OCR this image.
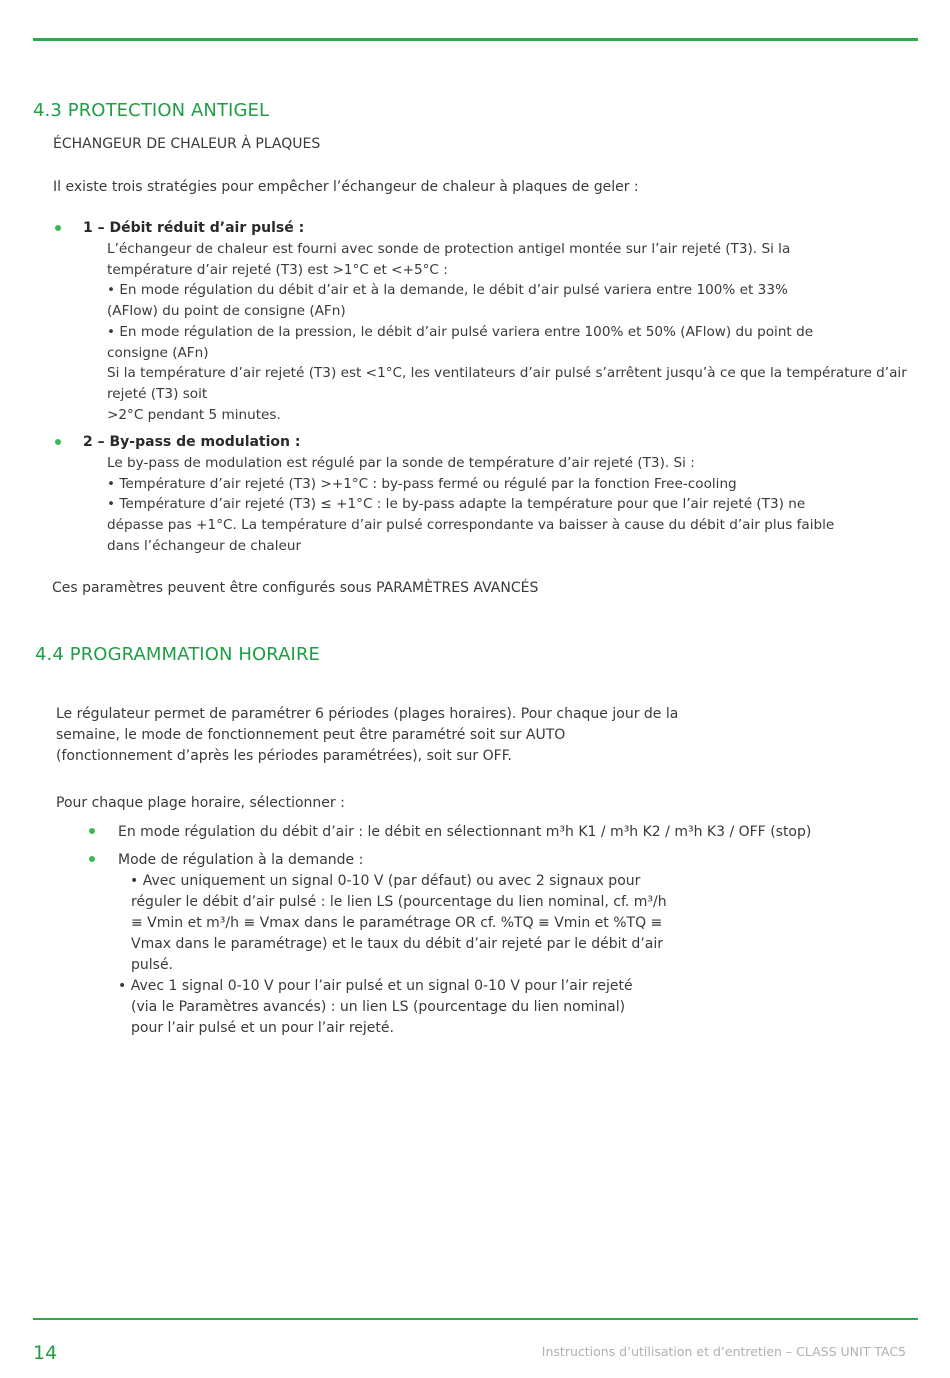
4.3 PROTECTION ANTIGEL
ÉCHANGEUR DE CHALEUR À PLAQUES
Il existe trois stratégies pour empêcher l’échangeur de chaleur à plaques de geler :
1 – Débit réduit d’air pulsé :
L’échangeur de chaleur est fourni avec sonde de protection antigel montée sur l’air rejeté (T3). Si la
température d’air rejeté (T3) est >1°C et <+5°C :
• En mode régulation du débit d’air et à la demande, le débit d’air pulsé variera entre 100% et 33%
(AFlow) du point de consigne (AFn)
• En mode régulation de la pression, le débit d’air pulsé variera entre 100% et 50% (AFlow) du point de
consigne (AFn)
Si la température d’air rejeté (T3) est <1°C, les ventilateurs d’air pulsé s’arrêtent jusqu’à ce que la température d’air
rejeté (T3) soit
>2°C pendant 5 minutes.
2 – By-pass de modulation :
Le by-pass de modulation est régulé par la sonde de température d’air rejeté (T3). Si :
• Température d’air rejeté (T3) >+1°C : by-pass fermé ou régulé par la fonction Free-cooling
• Température d’air rejeté (T3) ≤ +1°C : le by-pass adapte la température pour que l’air rejeté (T3) ne
dépasse pas +1°C. La température d’air pulsé correspondante va baisser à cause du débit d’air plus faible
dans l’échangeur de chaleur
Ces paramètres peuvent être configurés sous PARAMÈTRES AVANCÉS
4.4 PROGRAMMATION HORAIRE
Le régulateur permet de paramétrer 6 périodes (plages horaires). Pour chaque jour de la
semaine, le mode de fonctionnement peut être paramétré soit sur AUTO
(fonctionnement d’après les périodes paramétrées), soit sur OFF.
Pour chaque plage horaire, sélectionner :
En mode régulation du débit d’air : le débit en sélectionnant m³h K1 / m³h K2 / m³h K3 / OFF (stop)
Mode de régulation à la demande :
• Avec uniquement un signal 0-10 V (par défaut) ou avec 2 signaux pour
réguler le débit d’air pulsé : le lien LS (pourcentage du lien nominal, cf. m³/h
≡ Vmin et m³/h ≡ Vmax dans le paramétrage OR cf. %TQ ≡ Vmin et %TQ ≡
Vmax dans le paramétrage) et le taux du débit d’air rejeté par le débit d’air
pulsé.
• Avec 1 signal 0-10 V pour l’air pulsé et un signal 0-10 V pour l’air rejeté
(via le Paramètres avancés) : un lien LS (pourcentage du lien nominal)
pour l’air pulsé et un pour l’air rejeté.
14	Instructions d’utilisation et d’entretien – CLASS UNIT TAC5
